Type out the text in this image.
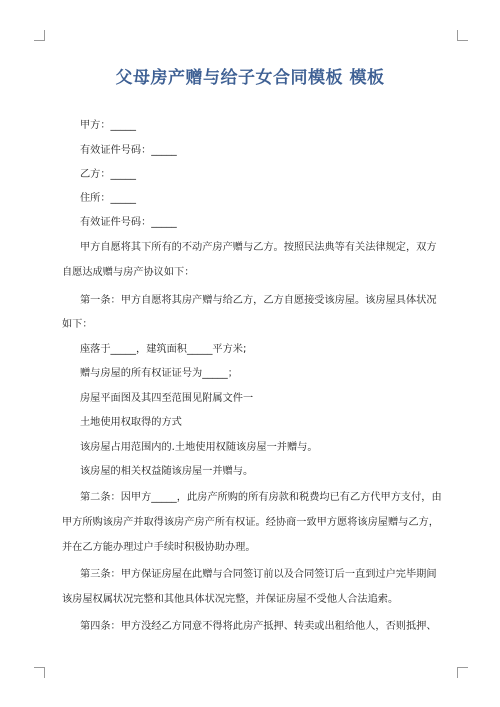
父母房产赠与给子女合同模板 模板
甲方：_____
有效证件号码：_____
乙方：_____
住所：_____
有效证件号码：_____
甲方自愿将其下所有的不动产房产赠与乙方。按照民法典等有关法律规定，双方
自愿达成赠与房产协议如下：
第一条：甲方自愿将其房产赠与给乙方，乙方自愿接受该房屋。该房屋具体状况
如下：
座落于_____，建筑面积_____平方米;
赠与房屋的所有权证证号为_____；
房屋平面图及其四至范围见附属文件一
土地使用权取得的方式
该房屋占用范围内的.土地使用权随该房屋一并赠与。
该房屋的相关权益随该房屋一并赠与。
第二条：因甲方_____，此房产所购的所有房款和税费均已有乙方代甲方支付，由
甲方所购该房产并取得该房产房产所有权证。经协商一致甲方愿将该房屋赠与乙方，
并在乙方能办理过户手续时积极协助办理。
第三条：甲方保证房屋在此赠与合同签订前以及合同签订后一直到过户完毕期间
该房屋权属状况完整和其他具体状况完整，并保证房屋不受他人合法追索。
第四条：甲方没经乙方同意不得将此房产抵押、转卖或出租给他人，否则抵押、
